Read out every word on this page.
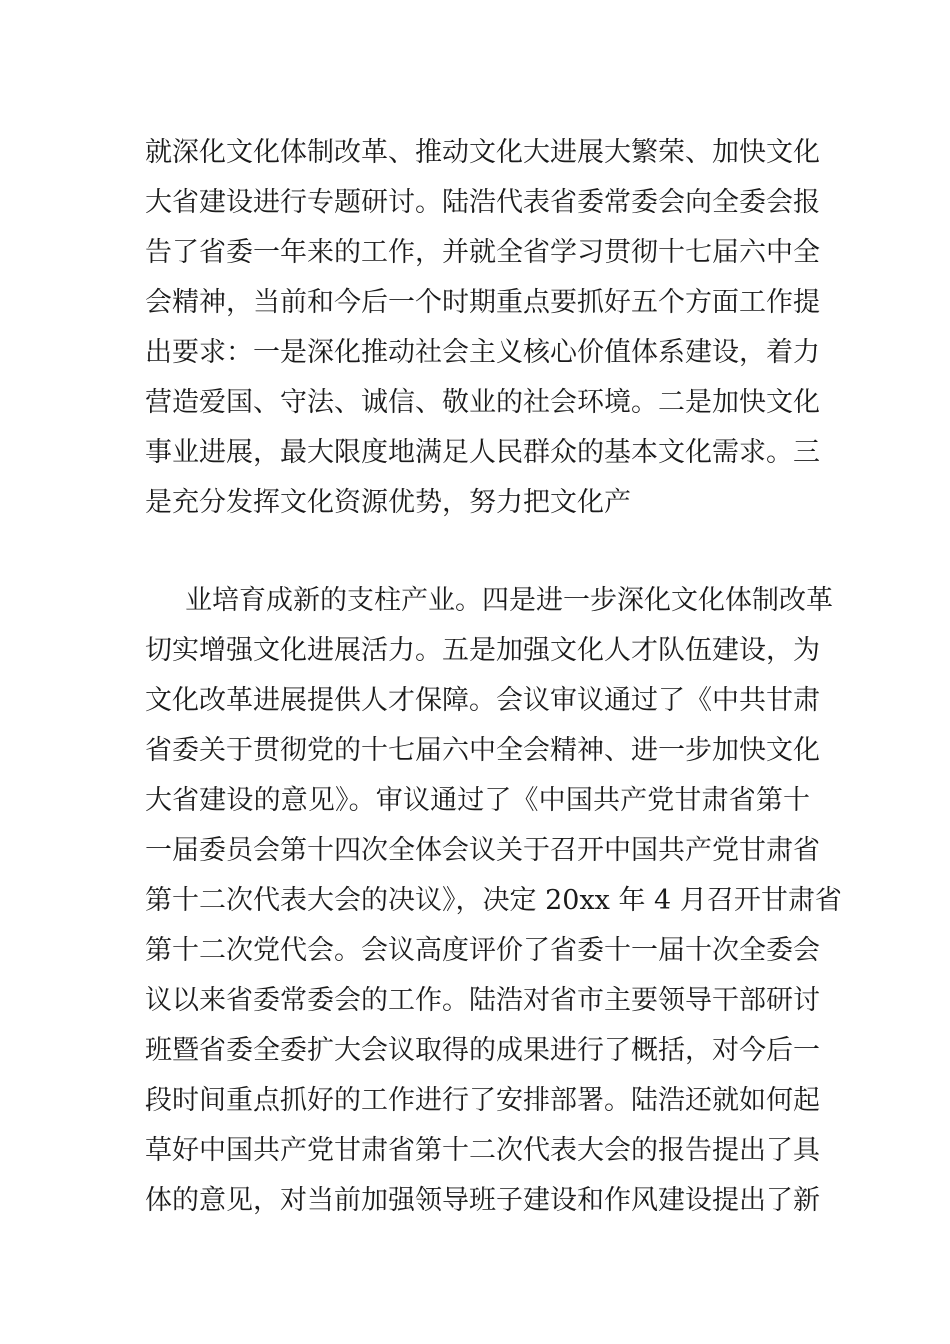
就深化文化体制改革、推动文化大进展大繁荣、加快文化
大省建设进行专题研讨。陆浩代表省委常委会向全委会报
告了省委一年来的工作，并就全省学习贯彻十七届六中全
会精神，当前和今后一个时期重点要抓好五个方面工作提
出要求：一是深化推动社会主义核心价值体系建设，着力
营造爱国、守法、诚信、敬业的社会环境。二是加快文化
事业进展，最大限度地满足人民群众的基本文化需求。三
是充分发挥文化资源优势，努力把文化产
业培育成新的支柱产业。四是进一步深化文化体制改革
切实增强文化进展活力。五是加强文化人才队伍建设，为
文化改革进展提供人才保障。会议审议通过了《中共甘肃
省委关于贯彻党的十七届六中全会精神、进一步加快文化
大省建设的意见》。审议通过了《中国共产党甘肃省第十
一届委员会第十四次全体会议关于召开中国共产党甘肃省
第十二次代表大会的决议》，决定 20xx 年 4 月召开甘肃省
第十二次党代会。会议高度评价了省委十一届十次全委会
议以来省委常委会的工作。陆浩对省市主要领导干部研讨
班暨省委全委扩大会议取得的成果进行了概括，对今后一
段时间重点抓好的工作进行了安排部署。陆浩还就如何起
草好中国共产党甘肃省第十二次代表大会的报告提出了具
体的意见，对当前加强领导班子建设和作风建设提出了新
